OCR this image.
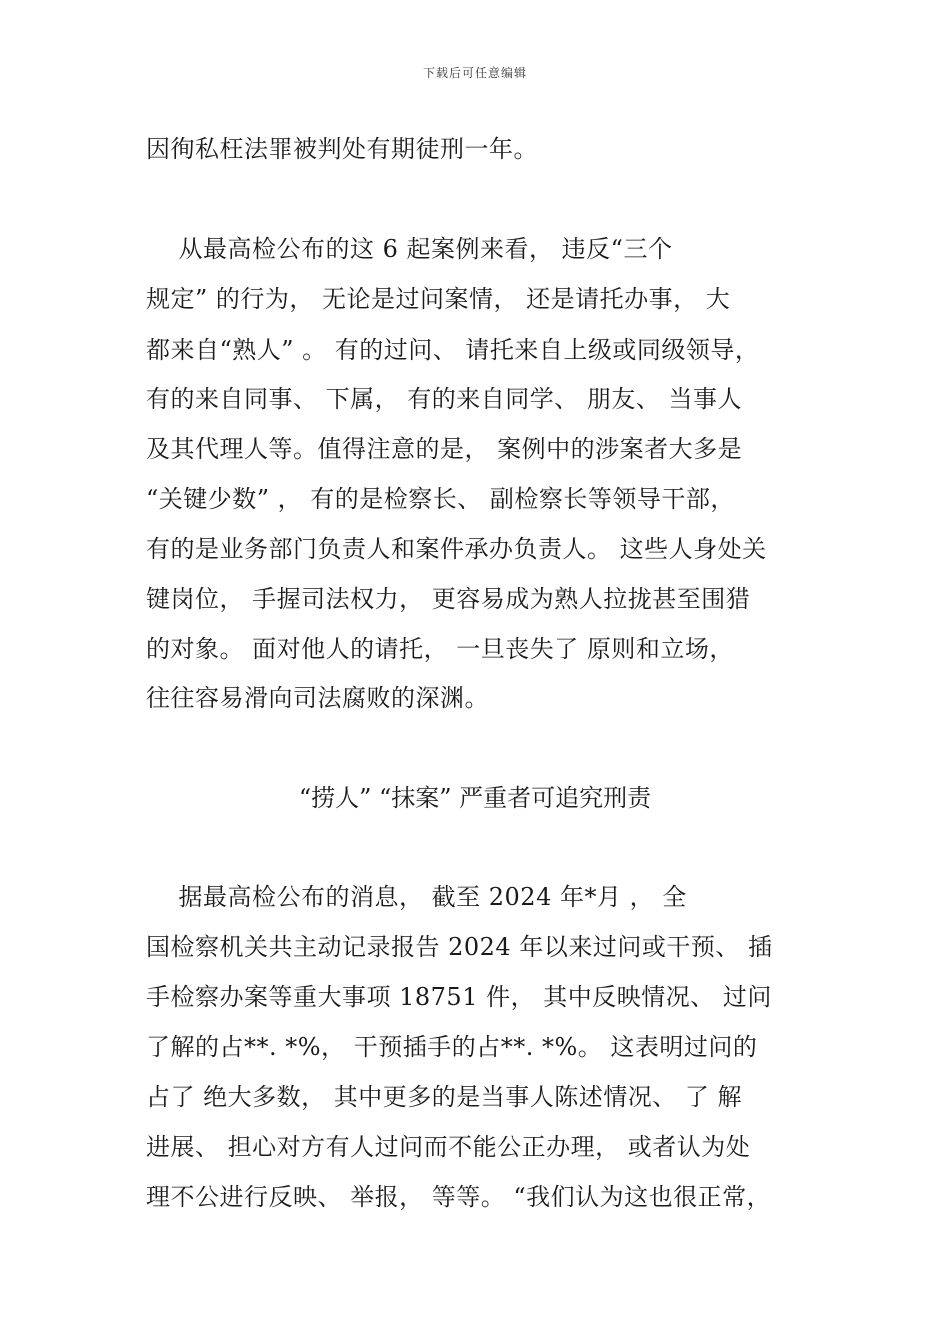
下载后可任意编辑
因徇私枉法罪被判处有期徒刑一年。
从最高检公布的这 6 起案例来看， 违反“三个
规定” 的行为， 无论是过问案情， 还是请托办事， 大
都来自“熟人” 。 有的过问、 请托来自上级或同级领导，
有的来自同事、 下属， 有的来自同学、 朋友、 当事人
及其代理人等。值得注意的是， 案例中的涉案者大多是
“关键少数” ， 有的是检察长、 副检察长等领导干部，
有的是业务部门负责人和案件承办负责人。 这些人身处关
键岗位， 手握司法权力， 更容易成为熟人拉拢甚至围猎
的对象。 面对他人的请托， 一旦丧失了 原则和立场，
往往容易滑向司法腐败的深渊。
“捞人” “抹案” 严重者可追究刑责
据最高检公布的消息， 截至 2024 年*月 ， 全
国检察机关共主动记录报告 2024 年以来过问或干预、 插
手检察办案等重大事项 18751 件， 其中反映情况、 过问
了解的占**. *%， 干预插手的占**. *%。 这表明过问的
占了 绝大多数， 其中更多的是当事人陈述情况、 了 解
进展、 担心对方有人过问而不能公正办理， 或者认为处
理不公进行反映、 举报， 等等。 “我们认为这也很正常，
